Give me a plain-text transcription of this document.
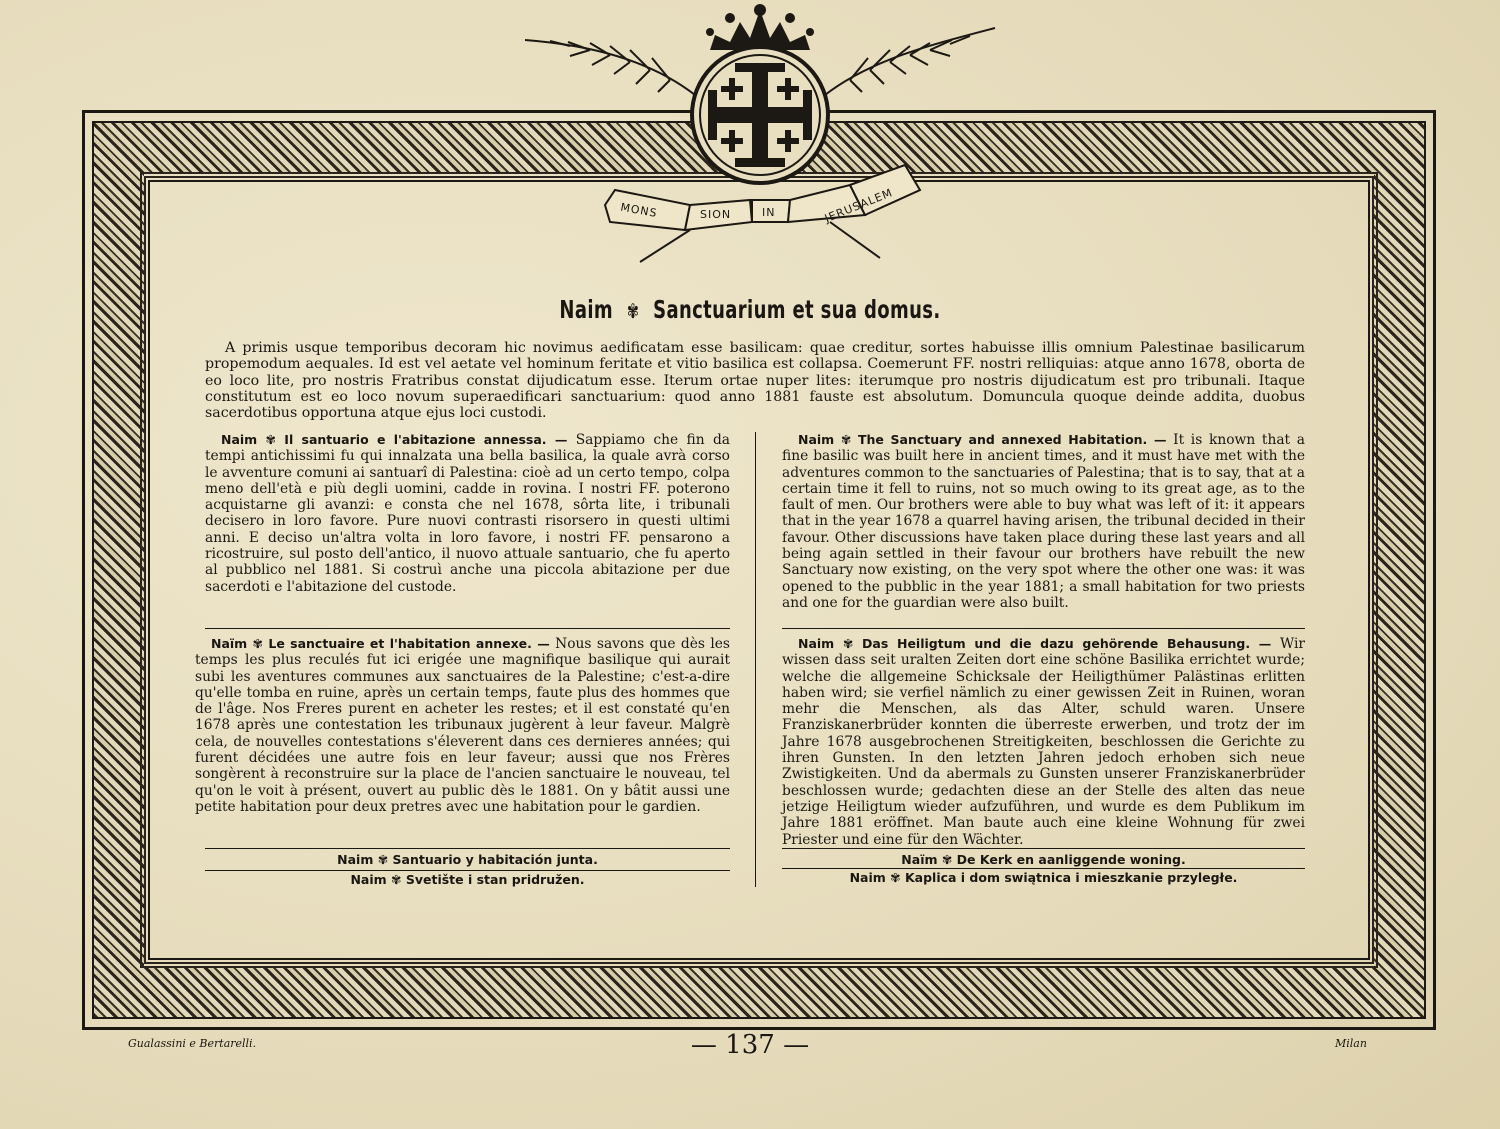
MONS	SION	IN	JERUSALEM
Naim ✾ Sanctuarium et sua domus.

A primis usque temporibus decoram hic novimus aedificatam esse basilicam: quae creditur, sortes habuisse illis omnium Palestinae basilicarum propemodum aequales. Id est vel aetate vel hominum feritate et vitio basilica est collapsa. Coemerunt FF. nostri relliquias: atque anno 1678, oborta de eo loco lite, pro nostris Fratribus constat dijudicatum esse. Iterum ortae nuper lites: iterumque pro nostris dijudicatum est pro tribunali. Itaque constitutum est eo loco novum superaedificari sanctuarium: quod anno 1881 fauste est absolutum. Domuncula quoque deinde addita, duobus sacerdotibus opportuna atque ejus loci custodi.

Naim ✾ Il santuario e l'abitazione annessa. — Sappiamo che fin da tempi antichissimi fu qui innalzata una bella basilica, la quale avrà corso le avventure comuni ai santuarî di Palestina: cioè ad un certo tempo, colpa meno dell'età e più degli uomini, cadde in rovina. I nostri FF. poterono acquistarne gli avanzi: e consta che nel 1678, sôrta lite, i tribunali decisero in loro favore. Pure nuovi contrasti risorsero in questi ultimi anni. E deciso un'altra volta in loro favore, i nostri FF. pensarono a ricostruire, sul posto dell'antico, il nuovo attuale santuario, che fu aperto al pubblico nel 1881. Si costruì anche una piccola abitazione per due sacerdoti e l'abitazione del custode.

Naïm ✾ Le sanctuaire et l'habitation annexe. — Nous savons que dès les temps les plus reculés fut ici erigée une magnifique basilique qui aurait subi les aventures communes aux sanctuaires de la Palestine; c'est-a-dire qu'elle tomba en ruine, après un certain temps, faute plus des hommes que de l'âge. Nos Freres purent en acheter les restes; et il est constaté qu'en 1678 après une contestation les tribunaux jugèrent à leur faveur. Malgrè cela, de nouvelles contestations s'éleverent dans ces dernieres années; qui furent décidées une autre fois en leur faveur; aussi que nos Frères songèrent à reconstruire sur la place de l'ancien sanctuaire le nouveau, tel qu'on le voit à présent, ouvert au public dès le 1881. On y bâtit aussi une petite habitation pour deux pretres avec une habitation pour le gardien.

Naim ✾ Santuario y habitación junta.
Naim ✾ Svetište i stan pridružen.

Naim ✾ The Sanctuary and annexed Habitation. — It is known that a fine basilic was built here in ancient times, and it must have met with the adventures common to the sanctuaries of Palestina; that is to say, that at a certain time it fell to ruins, not so much owing to its great age, as to the fault of men. Our brothers were able to buy what was left of it: it appears that in the year 1678 a quarrel having arisen, the tribunal decided in their favour. Other discussions have taken place during these last years and all being again settled in their favour our brothers have rebuilt the new Sanctuary now existing, on the very spot where the other one was: it was opened to the pubblic in the year 1881; a small habitation for two priests and one for the guardian were also built.

Naim ✾ Das Heiligtum und die dazu gehörende Behausung. — Wir wissen dass seit uralten Zeiten dort eine schöne Basilika errichtet wurde; welche die allgemeine Schicksale der Heiligthümer Palästinas erlitten haben wird; sie verfiel nämlich zu einer gewissen Zeit in Ruinen, woran mehr die Menschen, als das Alter, schuld waren. Unsere Franziskanerbrüder konnten die überreste erwerben, und trotz der im Jahre 1678 ausgebrochenen Streitigkeiten, beschlossen die Gerichte zu ihren Gunsten. In den letzten Jahren jedoch erhoben sich neue Zwistigkeiten. Und da abermals zu Gunsten unserer Franziskanerbrüder beschlossen wurde; gedachten diese an der Stelle des alten das neue jetzige Heiligtum wieder aufzuführen, und wurde es dem Publikum im Jahre 1881 eröffnet. Man baute auch eine kleine Wohnung für zwei Priester und eine für den Wächter.

Naïm ✾ De Kerk en aanliggende woning.
Naim ✾ Kaplica i dom swiątnica i mieszkanie przyległe.
Gualassini e Bertarelli.	— 137 —	Milan
